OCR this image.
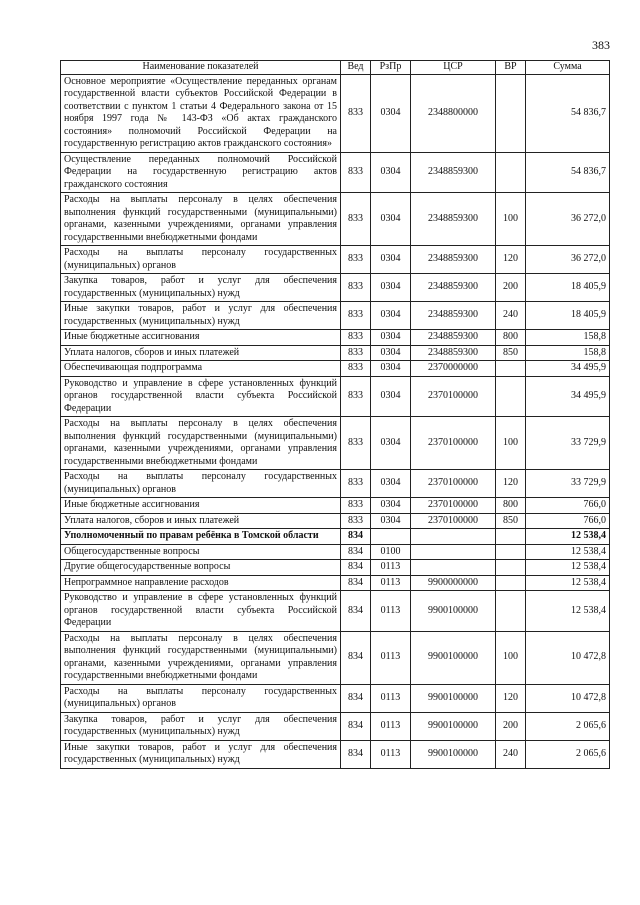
383
Наименование показателей	Вед	РзПр	ЦСР	ВР	Сумма
Основное мероприятие «Осуществление переданных органам государственной власти субъектов Российской Федерации в соответствии с пунктом 1 статьи 4 Федерального закона от 15 ноября 1997 года № 143-ФЗ «Об актах гражданского состояния» полномочий Российской Федерации на государственную регистрацию актов гражданского состояния»	833	0304	2348800000		54 836,7
Осуществление переданных полномочий Российской Федерации на государственную регистрацию актов гражданского состояния	833	0304	2348859300		54 836,7
Расходы на выплаты персоналу в целях обеспечения выполнения функций государственными (муниципальными) органами, казенными учреждениями, органами управления государственными внебюджетными фондами	833	0304	2348859300	100	36 272,0
Расходы на выплаты персоналу государственных (муниципальных) органов	833	0304	2348859300	120	36 272,0
Закупка товаров, работ и услуг для обеспечения государственных (муниципальных) нужд	833	0304	2348859300	200	18 405,9
Иные закупки товаров, работ и услуг для обеспечения государственных (муниципальных) нужд	833	0304	2348859300	240	18 405,9
Иные бюджетные ассигнования	833	0304	2348859300	800	158,8
Уплата налогов, сборов и иных платежей	833	0304	2348859300	850	158,8
Обеспечивающая подпрограмма	833	0304	2370000000		34 495,9
Руководство и управление в сфере установленных функций органов государственной власти субъекта Российской Федерации	833	0304	2370100000		34 495,9
Расходы на выплаты персоналу в целях обеспечения выполнения функций государственными (муниципальными) органами, казенными учреждениями, органами управления государственными внебюджетными фондами	833	0304	2370100000	100	33 729,9
Расходы на выплаты персоналу государственных (муниципальных) органов	833	0304	2370100000	120	33 729,9
Иные бюджетные ассигнования	833	0304	2370100000	800	766,0
Уплата налогов, сборов и иных платежей	833	0304	2370100000	850	766,0
Уполномоченный по правам ребёнка в Томской области	834				12 538,4
Общегосударственные вопросы	834	0100			12 538,4
Другие общегосударственные вопросы	834	0113			12 538,4
Непрограммное направление расходов	834	0113	9900000000		12 538,4
Руководство и управление в сфере установленных функций органов государственной власти субъекта Российской Федерации	834	0113	9900100000		12 538,4
Расходы на выплаты персоналу в целях обеспечения выполнения функций государственными (муниципальными) органами, казенными учреждениями, органами управления государственными внебюджетными фондами	834	0113	9900100000	100	10 472,8
Расходы на выплаты персоналу государственных (муниципальных) органов	834	0113	9900100000	120	10 472,8
Закупка товаров, работ и услуг для обеспечения государственных (муниципальных) нужд	834	0113	9900100000	200	2 065,6
Иные закупки товаров, работ и услуг для обеспечения государственных (муниципальных) нужд	834	0113	9900100000	240	2 065,6
